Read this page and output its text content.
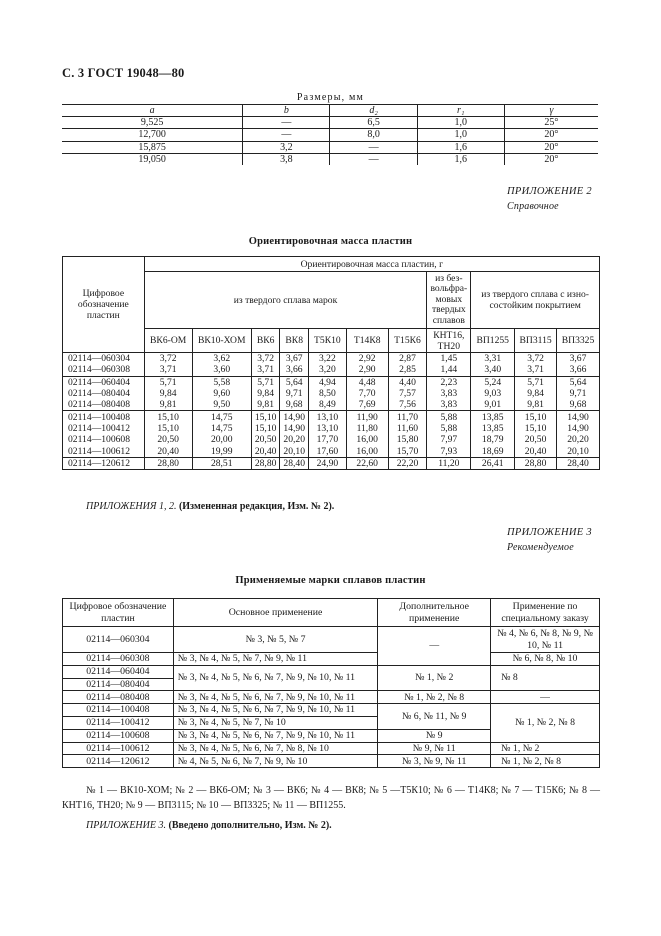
С. 3 ГОСТ 19048—80
Размеры, мм
a	b	d₂	r₁	γ
9,525	—	6,5	1,0	25°
12,700	—	8,0	1,0	20°
15,875	3,2	—	1,6	20°
19,050	3,8	—	1,6	20°
ПРИЛОЖЕНИЕ 2
Справочное
Ориентировочная масса пластин
Цифровое обозначение пластин	Ориентировочная масса пластин, г										
	из твердого сплава марок							из без-вольфра-мовых твердых сплавов	из твердого сплава с изно-состойким покрытием		
	ВК6-ОМ	ВК10-ХОМ	ВК6	ВК8	Т5К10	Т14К8	Т15К6	КНТ16, ТН20	ВП1255	ВП3115	ВП3325
02114—060304	3,72	3,62	3,72	3,67	3,22	2,92	2,87	1,45	3,31	3,72	3,67
02114—060308	3,71	3,60	3,71	3,66	3,20	2,90	2,85	1,44	3,40	3,71	3,66
02114—060404	5,71	5,58	5,71	5,64	4,94	4,48	4,40	2,23	5,24	5,71	5,64
02114—080404	9,84	9,60	9,84	9,71	8,50	7,70	7,57	3,83	9,03	9,84	9,71
02114—080408	9,81	9,50	9,81	9,68	8,49	7,69	7,56	3,83	9,01	9,81	9,68
02114—100408	15,10	14,75	15,10	14,90	13,10	11,90	11,70	5,88	13,85	15,10	14,90
02114—100412	15,10	14,75	15,10	14,90	13,10	11,80	11,60	5,88	13,85	15,10	14,90
02114—100608	20,50	20,00	20,50	20,20	17,70	16,00	15,80	7,97	18,79	20,50	20,20
02114—100612	20,40	19,99	20,40	20,10	17,60	16,00	15,70	7,93	18,69	20,40	20,10
02114—120612	28,80	28,51	28,80	28,40	24,90	22,60	22,20	11,20	26,41	28,80	28,40
ПРИЛОЖЕНИЯ 1, 2. (Измененная редакция, Изм. № 2).
ПРИЛОЖЕНИЕ 3
Рекомендуемое
Применяемые марки сплавов пластин
Цифровое обозначение пластин	Основное применение	Дополнительное применение	Применение по специальному заказу
02114—060304	№ 3, № 5, № 7	—	№ 4, № 6, № 8, № 9, № 10, № 11
02114—060308	№ 3, № 4, № 5, № 7, № 9, № 11		№ 6, № 8, № 10
02114—060404	№ 3, № 4, № 5, № 6, № 7, № 9, № 10, № 11	№ 1, № 2	№ 8
02114—080404			
02114—080408	№ 3, № 4, № 5, № 6, № 7, № 9, № 10, № 11	№ 1, № 2, № 8	—
02114—100408	№ 3, № 4, № 5, № 6, № 7, № 9, № 10, № 11	№ 6, № 11, № 9	№ 1, № 2, № 8
02114—100412	№ 3, № 4, № 5, № 7, № 10		
02114—100608	№ 3, № 4, № 5, № 6, № 7, № 9, № 10, № 11	№ 9	
02114—100612	№ 3, № 4, № 5, № 6, № 7, № 8, № 10	№ 9, № 11	№ 1, № 2
02114—120612	№ 4, № 5, № 6, № 7, № 9, № 10	№ 3, № 9, № 11	№ 1, № 2, № 8
№ 1 — ВК10-ХОМ; № 2 — ВК6-ОМ; № 3 — ВК6; № 4 — ВК8; № 5 —Т5К10; № 6 — Т14К8; № 7 — Т15К6; № 8 — КНТ16, ТН20; № 9 — ВП3115; № 10 — ВП3325; № 11 — ВП1255.
ПРИЛОЖЕНИЕ 3. (Введено дополнительно, Изм. № 2).
